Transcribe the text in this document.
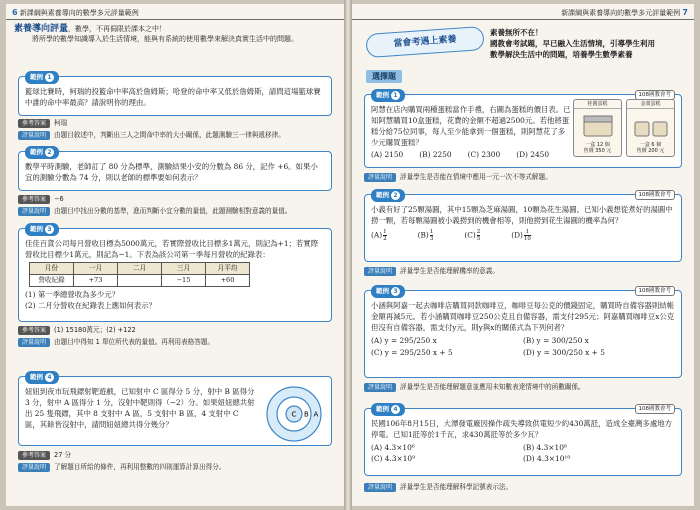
6 新課綱與素養導向的數學多元評量範例
素養導向評量，數學，不再侷限於課本之中！
將所學的數學知識導入於生活情境，能與有系統的使用數學來解決真實生活中的問題。
範例 1
籃球比賽時，柯瑞的投籃命中率高於詹姆斯；哈登的命中率又低於詹姆斯，請問這場籃球賽中誰的命中率最高？請說明你的理由。
參考答案 柯瑞
評量說明 由題目敘述中，判斷出三人之間命中率的大小關係，此題測驗三一律與遞移律。
範例 2
數學平時測驗，老師訂了 80 分為標準，測驗結果小安的分數為 86 分，記作 +6。如果小宜的測驗分數為 74 分，則以老師的標準要如何表示？
參考答案 −6
評量說明 由題目中找出分數的基準，進而判斷小宜分數的量值，此題測驗相對意義的量值。
範例 3
佳佳百貨公司每月營收目標為5000萬元，若實際營收比目標多1萬元，則記為+1；若實際營收比目標少1萬元，則記為−1。下表為該公司第一季每月營收的紀錄表：
月份	一月	二月	三月	月平均
營收紀錄	+73		−15	+60
(1) 第一季總營收為多少元？
(2) 二月分營收在紀錄表上應如何表示？
參考答案 (1) 15180萬元；(2) +122
評量說明 由題目中得知 1 單位所代表的量值。再利用表格答題。
範例 4
妞妞到夜市玩飛鏢射靶遊戲，已知射中 C 區得分 5 分，射中 B 區得分 3 分，射中 A 區得分 1 分，沒射中靶則得（−2）分。如果妞妞總共射出 25 隻飛鏢，其中 8 支射中 A 區，5 支射中 B 區，4 支射中 C 區，其餘皆沒射中，請問妞妞總共得分幾分？
C B A
參考答案 27 分
評量說明 了解題目所給的條件，再利用整數的四則運算計算出得分。
新課綱與素養導向的數學多元評量範例 7
當會考遇上素養
素養無所不在！
國教會考試題，早已融入生活情境，引導學生利用
數學解決生活中的問題，培養學生數學素養
選擇題
範例 1	108國教會考
阿慧在店內購買兩種蛋糕當作手禮，右圖為蛋糕的價目表。已知阿慧購買10盒蛋糕，花費的金額不超過2500元。若他將蛋糕分給75位同事，每人至少能拿到一個蛋糕，則阿慧花了多少元購買蛋糕？
(A) 2150 (B) 2250 (C) 2300 (D) 2450
桂圓蛋糕
一盒 12 個
售價 350 元
金棗蛋糕
一盒 6 個
售價 200 元
評量說明 評量學生是否能在情境中應用一元一次不等式解題。
範例 2	108國教會考
小義有好了25顆湯圓，其中15顆為芝麻湯圓，10顆為花生湯圓。已知小義想從煮好的湯圓中撈一顆，若每顆湯圓被小義撈到的機會相等，則他撈到花生湯圓的機率為何？
$(A) \frac{1}{2}$	$(B) \frac{1}{3}$	$(C) \frac{2}{5}$	$(D) \frac{1}{10}$
評量說明 評量學生是否能理解機率的意義。
範例 3	108國教會考
小涵與阿嘉一起去咖啡店購買同款咖啡豆，咖啡豆每公克的價錢固定，購買時自備容器則結帳金額再減5元。若小涵購買咖啡豆250公克且自備容器，需支付295元；阿嘉購買咖啡豆x公克但沒有自備容器，需支付y元，則y與x的關係式為下列何者？
(A) y = 295/250 x	(B) y = 300/250 x
(C) y = 295/250 x + 5	(D) y = 300/250 x + 5
評量說明 評量學生是否能理解題意並應用未知數表達情境中的函數關係。
範例 4	108國教會考
民國106年8月15日，大潭發電廠因操作疏失導致供電短少約430萬瓩，造成全臺灣多處地方停電。已知1瓩等於1千瓦，求430萬瓩等於多少瓦？
(A) 4.3×10⁶	(B) 4.3×10⁸
(C) 4.3×10⁹	(D) 4.3×10¹⁰
評量說明 評量學生是否能理解科學記號表示法。
